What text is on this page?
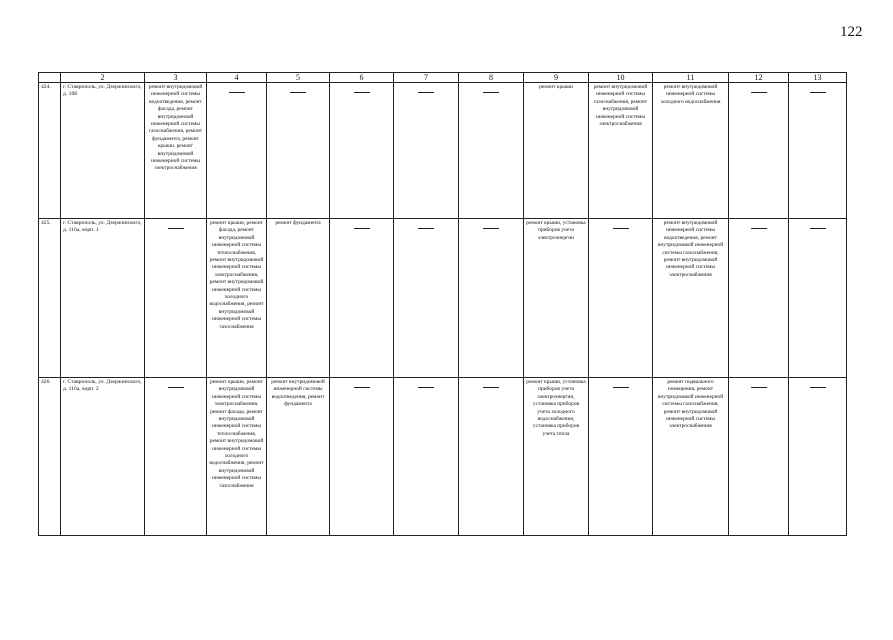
122
	2	3	4	5	6	7	8	9	10	11	12	13
424.	г. Ставрополь, ул. Дзержинского, д. 108	ремонт внутридомовой инженерной системы водоотведения, ремонт фасада, ремонт внутридомовой инженерной системы газоснабжения, ремонт фундамента, ремонт крыши, ремонт внутридомовой инженерной системы электроснабжения						ремонт крыши	ремонт внутридомовой инженерной системы газоснабжения, ремонт внутридомовой инженерной системы электроснабжения	ремонт внутридомовой инженерной системы холодного водоснабжения	

425.	г. Ставрополь, ул. Дзержинского, д. 116а, корп. 1		ремонт крыши, ремонт фасада, ремонт внутридомовой инженерной системы теплоснабжения, ремонт внутридомовой инженерной системы электроснабжения, ремонт внутридомовой инженерной системы холодного водоснабжения, ремонт внутридомовой инженерной системы газоснабжения	ремонт фундамента				ремонт крыши, установка приборов учета электроэнергии		ремонт внутридомовой инженерной системы водоотведения, ремонт внутридомовой инженерной системы газоснабжения, ремонт внутридомовой инженерной системы электроснабжения	

426.	г. Ставрополь, ул. Дзержинского, д. 116а, корп. 2		ремонт крыши, ремонт внутридомовой инженерной системы электроснабжения, ремонт фасада, ремонт внутридомовой инженерной системы теплоснабжения, ремонт внутридомовой инженерной системы холодного водоснабжения, ремонт внутридомовой инженерной системы газоснабжения	ремонт внутридомовой инженерной системы водоотведения, ремонт фундамента				ремонт крыши, установка приборов учета электроэнергии, установка приборов учета холодного водоснабжения, установка приборов учета тепла		ремонт подвального помещения, ремонт внутридомовой инженерной системы газоснабжения, ремонт внутридомовой инженерной системы электроснабжения	
